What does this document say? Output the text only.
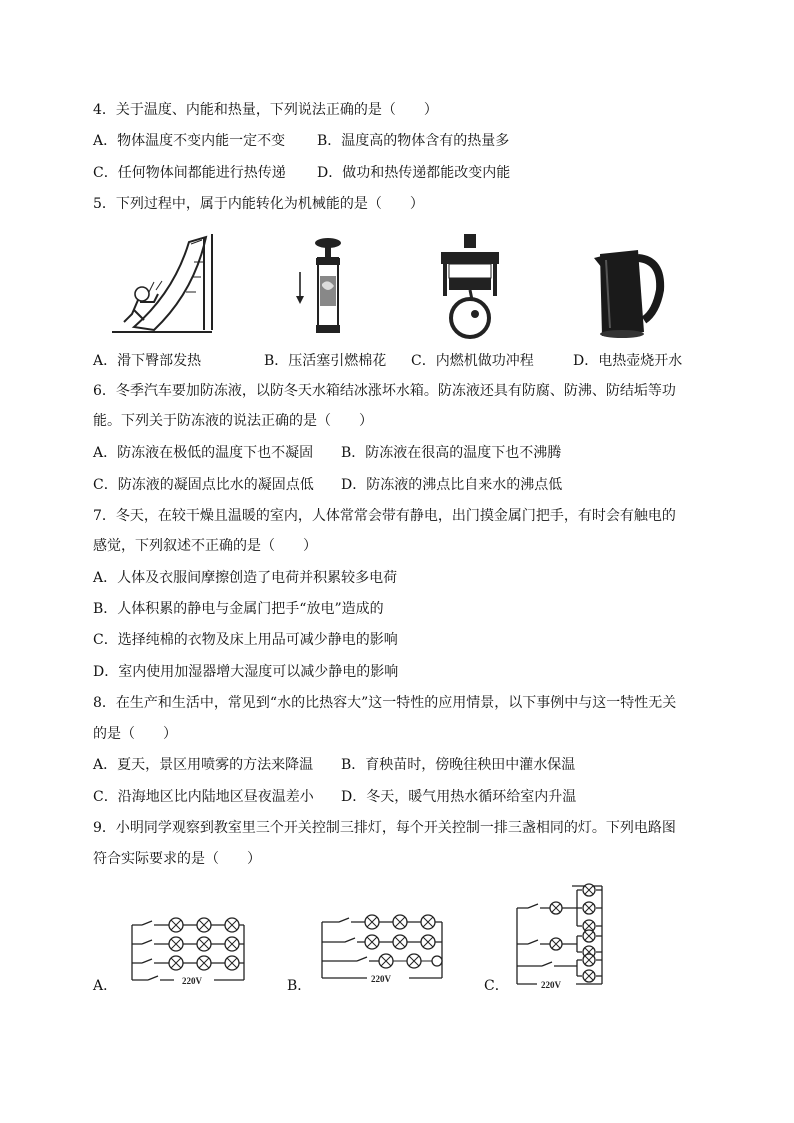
4．关于温度、内能和热量，下列说法正确的是（　　）
A．物体温度不变内能一定不变 B．温度高的物体含有的热量多
C．任何物体间都能进行热传递 D．做功和热传递都能改变内能
5．下列过程中，属于内能转化为机械能的是（　　）
A．滑下臀部发热	B．压活塞引燃棉花 C．内燃机做功冲程	D．电热壶烧开水
6．冬季汽车要加防冻液，以防冬天水箱结冰涨坏水箱。防冻液还具有防腐、防沸、防结垢等功
能。下列关于防冻液的说法正确的是（　　）
A．防冻液在极低的温度下也不凝固 B．防冻液在很高的温度下也不沸腾
C．防冻液的凝固点比水的凝固点低 D．防冻液的沸点比自来水的沸点低
7．冬天，在较干燥且温暖的室内，人体常常会带有静电，出门摸金属门把手，有时会有触电的
感觉，下列叙述不正确的是（　　）
A．人体及衣服间摩擦创造了电荷并积累较多电荷
B．人体积累的静电与金属门把手“放电”造成的
C．选择纯棉的衣物及床上用品可减少静电的影响
D．室内使用加湿器增大湿度可以减少静电的影响
8．在生产和生活中，常见到“水的比热容大”这一特性的应用情景，以下事例中与这一特性无关
的是（　　）
A．夏天，景区用喷雾的方法来降温 B．育秧苗时，傍晚往秧田中灌水保温
C．沿海地区比内陆地区昼夜温差小 D．冬天，暖气用热水循环给室内升温
9．小明同学观察到教室里三个开关控制三排灯，每个开关控制一排三盏相同的灯。下列电路图
符合实际要求的是（　　）
A．	220V	B．	220V	C．	220V
